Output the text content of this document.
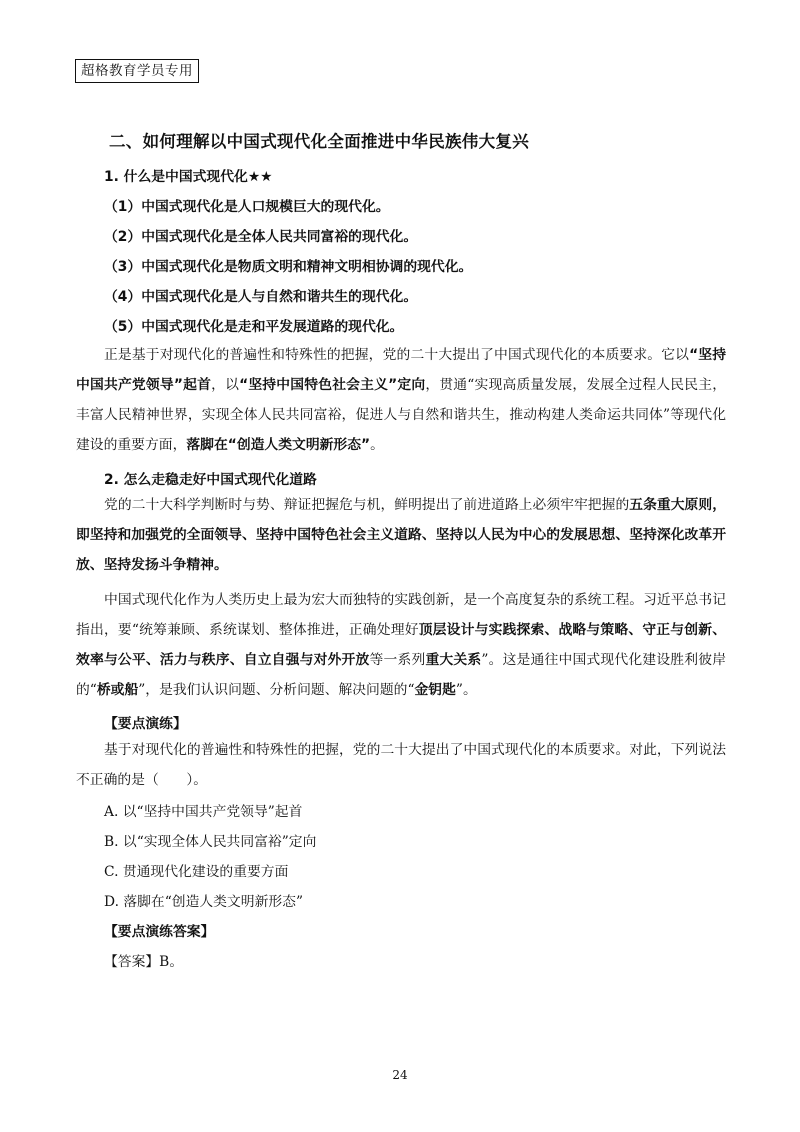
超格教育学员专用
二、如何理解以中国式现代化全面推进中华民族伟大复兴
1. 什么是中国式现代化★★
（1）中国式现代化是人口规模巨大的现代化。
（2）中国式现代化是全体人民共同富裕的现代化。
（3）中国式现代化是物质文明和精神文明相协调的现代化。
（4）中国式现代化是人与自然和谐共生的现代化。
（5）中国式现代化是走和平发展道路的现代化。
正是基于对现代化的普遍性和特殊性的把握，党的二十大提出了中国式现代化的本质要求。它以“坚持中国共产党领导”起首，以“坚持中国特色社会主义”定向，贯通“实现高质量发展，发展全过程人民民主，丰富人民精神世界，实现全体人民共同富裕，促进人与自然和谐共生，推动构建人类命运共同体”等现代化建设的重要方面，落脚在“创造人类文明新形态”。
2. 怎么走稳走好中国式现代化道路
党的二十大科学判断时与势、辩证把握危与机，鲜明提出了前进道路上必须牢牢把握的五条重大原则，即坚持和加强党的全面领导、坚持中国特色社会主义道路、坚持以人民为中心的发展思想、坚持深化改革开放、坚持发扬斗争精神。
中国式现代化作为人类历史上最为宏大而独特的实践创新，是一个高度复杂的系统工程。习近平总书记指出，要“统筹兼顾、系统谋划、整体推进，正确处理好顶层设计与实践探索、战略与策略、守正与创新、效率与公平、活力与秩序、自立自强与对外开放等一系列重大关系”。这是通往中国式现代化建设胜利彼岸的“桥或船”，是我们认识问题、分析问题、解决问题的“金钥匙”。
【要点演练】
基于对现代化的普遍性和特殊性的把握，党的二十大提出了中国式现代化的本质要求。对此，下列说法不正确的是（　　）。
A. 以“坚持中国共产党领导”起首
B. 以“实现全体人民共同富裕”定向
C. 贯通现代化建设的重要方面
D. 落脚在“创造人类文明新形态”
【要点演练答案】
【答案】B。
24
